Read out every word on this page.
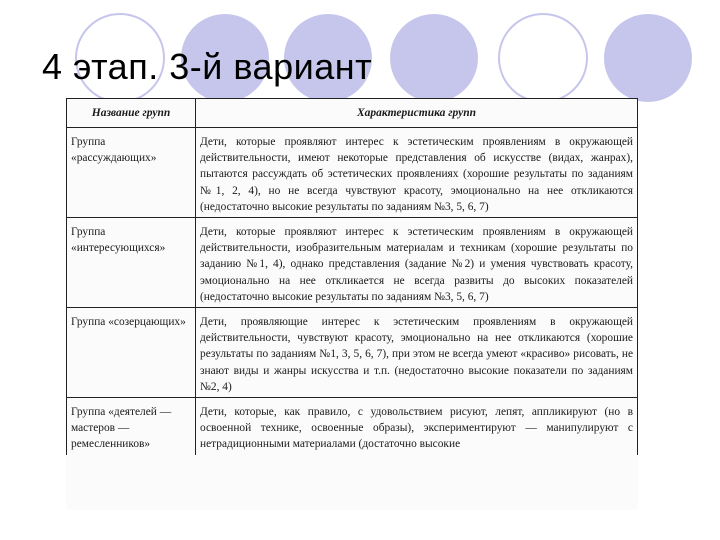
4 этап. 3-й вариант
Название групп	Характеристика групп
Группа «рассуждающих»	Дети, которые проявляют интерес к эстетическим проявлениям в окружающей действительности, имеют некоторые представления об искусстве (видах, жанрах), пытаются рассуждать об эстетических проявлениях (хорошие результаты по заданиям №1, 2, 4), но не всегда чувствуют красоту, эмоционально на нее откликаются (недостаточно высокие результаты по заданиям №3, 5, 6, 7)
Группа «интересующихся»	Дети, которые проявляют интерес к эстетическим проявлениям в окружающей действительности, изобразительным материалам и техникам (хорошие результаты по заданию №1, 4), однако представления (задание №2) и умения чувствовать красоту, эмоционально на нее откликается не всегда развиты до высоких показателей (недостаточно высокие результаты по заданиям №3, 5, 6, 7)
Группа «созерцающих»	Дети, проявляющие интерес к эстетическим проявлениям в окружающей действительности, чувствуют красоту, эмоционально на нее откликаются (хорошие результаты по заданиям №1, 3, 5, 6, 7), при этом не всегда умеют «красиво» рисовать, не знают виды и жанры искусства и т.п. (недостаточно высокие показатели по заданиям №2, 4)
Группа «деятелей — мастеров — ремесленников»	Дети, которые, как правило, с удовольствием рисуют, лепят, аппликируют (но в освоенной технике, освоенные образы), экспериментируют — манипулируют с нетрадиционными материалами (достаточно высокие
